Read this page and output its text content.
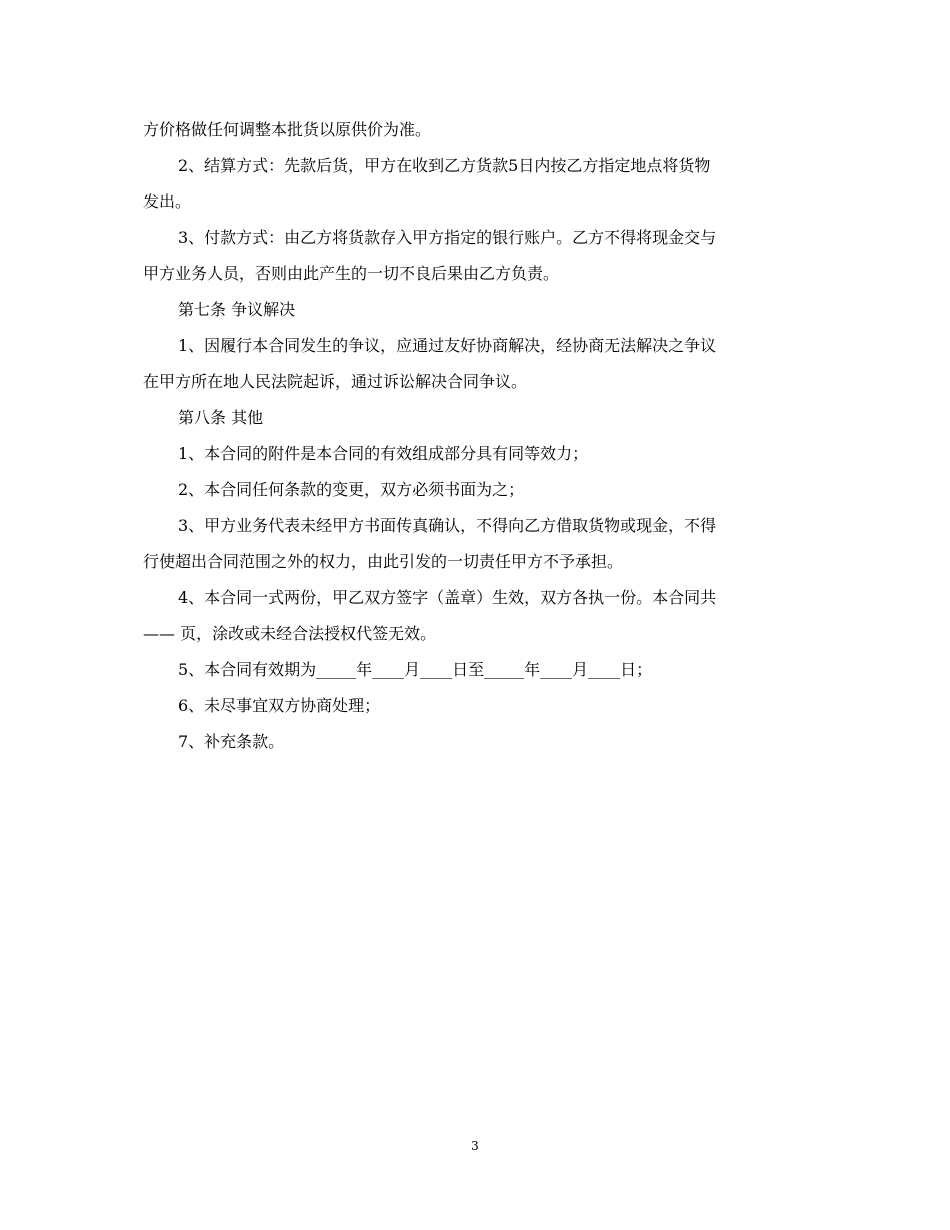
方价格做任何调整本批货以原供价为准。

2、结算方式：先款后货，甲方在收到乙方货款5日内按乙方指定地点将货物

发出。

3、付款方式：由乙方将货款存入甲方指定的银行账户。乙方不得将现金交与

甲方业务人员，否则由此产生的一切不良后果由乙方负责。

第七条 争议解决

1、因履行本合同发生的争议，应通过友好协商解决，经协商无法解决之争议

在甲方所在地人民法院起诉，通过诉讼解决合同争议。

第八条 其他

1、本合同的附件是本合同的有效组成部分具有同等效力；

2、本合同任何条款的变更，双方必须书面为之；

3、甲方业务代表未经甲方书面传真确认，不得向乙方借取货物或现金，不得

行使超出合同范围之外的权力，由此引发的一切责任甲方不予承担。

4、本合同一式两份，甲乙双方签字（盖章）生效，双方各执一份。本合同共

—— 页，涂改或未经合法授权代签无效。

5、本合同有效期为_____年____月____日至_____年____月____日；

6、未尽事宜双方协商处理；

7、补充条款。

3
